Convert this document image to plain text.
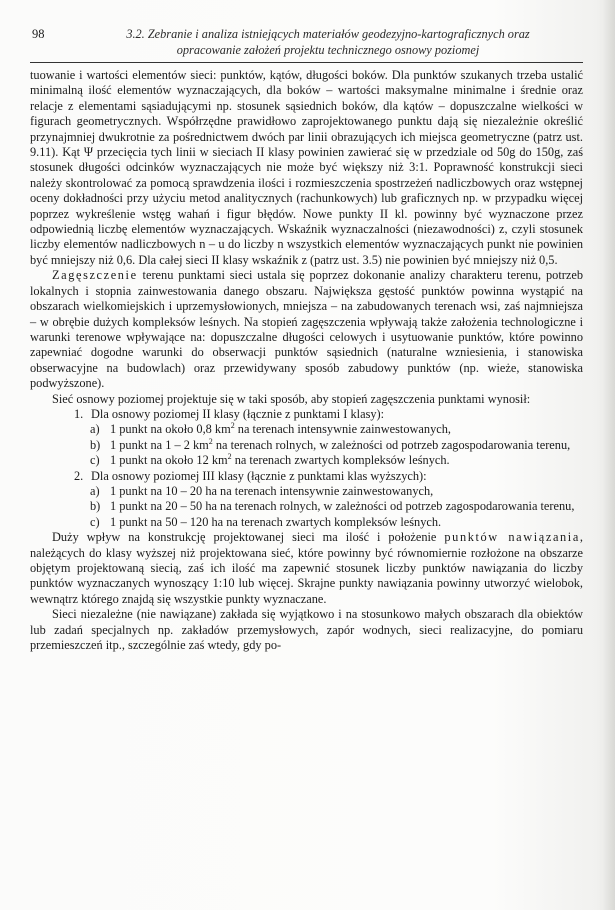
98	3.2. Zebranie i analiza istniejących materiałów geodezyjno-kartograficznych oraz
opracowanie założeń projektu technicznego osnowy poziomej

tuowanie i wartości elementów sieci: punktów, kątów, długości boków. Dla punktów szukanych trzeba ustalić minimalną ilość elementów wyznaczających, dla boków – wartości maksymalne minimalne i średnie oraz relacje z elementami sąsiadującymi np. stosunek sąsiednich boków, dla kątów – dopuszczalne wielkości w figurach geometrycznych. Współrzędne prawidłowo zaprojektowanego punktu dają się niezależnie określić przynajmniej dwukrotnie za pośrednictwem dwóch par linii obrazujących ich miejsca geometryczne (patrz ust. 9.11). Kąt Ψ przecięcia tych linii w sieciach II klasy powinien zawierać się w przedziale od 50g do 150g, zaś stosunek długości odcinków wyznaczających nie może być większy niż 3:1. Poprawność konstrukcji sieci należy skontrolować za pomocą sprawdzenia ilości i rozmieszczenia spostrzeżeń nadliczbowych oraz wstępnej oceny dokładności przy użyciu metod analitycznych (rachunkowych) lub graficznych np. w przypadku więcej poprzez wykreślenie wstęg wahań i figur błędów. Nowe punkty II kl. powinny być wyznaczone przez odpowiednią liczbę elementów wyznaczających. Wskaźnik wyznaczalności (niezawodności) z, czyli stosunek liczby elementów nadliczbowych n – u do liczby n wszystkich elementów wyznaczających punkt nie powinien być mniejszy niż 0,6. Dla całej sieci II klasy wskaźnik z (patrz ust. 3.5) nie powinien być mniejszy niż 0,5.

Zagęszczenie terenu punktami sieci ustala się poprzez dokonanie analizy charakteru terenu, potrzeb lokalnych i stopnia zainwestowania danego obszaru. Największa gęstość punktów powinna wystąpić na obszarach wielkomiejskich i uprzemysłowionych, mniejsza – na zabudowanych terenach wsi, zaś najmniejsza – w obrębie dużych kompleksów leśnych. Na stopień zagęszczenia wpływają także założenia technologiczne i warunki terenowe wpływające na: dopuszczalne długości celowych i usytuowanie punktów, które powinno zapewniać dogodne warunki do obserwacji punktów sąsiednich (naturalne wzniesienia, i stanowiska obserwacyjne na budowlach) oraz przewidywany sposób zabudowy punktów (np. wieże, stanowiska podwyższone).

Sieć osnowy poziomej projektuje się w taki sposób, aby stopień zagęszczenia punktami wynosił:

1. Dla osnowy poziomej II klasy (łącznie z punktami I klasy):
a) 1 punkt na około 0,8 $km^2$ na terenach intensywnie zainwestowanych,
b) 1 punkt na 1 – 2 $km^2$ na terenach rolnych, w zależności od potrzeb zagospodarowania terenu,
c) 1 punkt na około 12 $km^2$ na terenach zwartych kompleksów leśnych.
2. Dla osnowy poziomej III klasy (łącznie z punktami klas wyższych):
a) 1 punkt na 10 – 20 ha na terenach intensywnie zainwestowanych,
b) 1 punkt na 20 – 50 ha na terenach rolnych, w zależności od potrzeb zagospodarowania terenu,
c) 1 punkt na 50 – 120 ha na terenach zwartych kompleksów leśnych.

Duży wpływ na konstrukcję projektowanej sieci ma ilość i położenie punktów nawiązania, należących do klasy wyższej niż projektowana sieć, które powinny być równomiernie rozłożone na obszarze objętym projektowaną siecią, zaś ich ilość ma zapewnić stosunek liczby punktów nawiązania do liczby punktów wyznaczanych wynoszący 1:10 lub więcej. Skrajne punkty nawiązania powinny utworzyć wielobok, wewnątrz którego znajdą się wszystkie punkty wyznaczane.

Sieci niezależne (nie nawiązane) zakłada się wyjątkowo i na stosunkowo małych obszarach dla obiektów lub zadań specjalnych np. zakładów przemysłowych, zapór wodnych, sieci realizacyjne, do pomiaru przemieszczeń itp., szczególnie zaś wtedy, gdy po-
